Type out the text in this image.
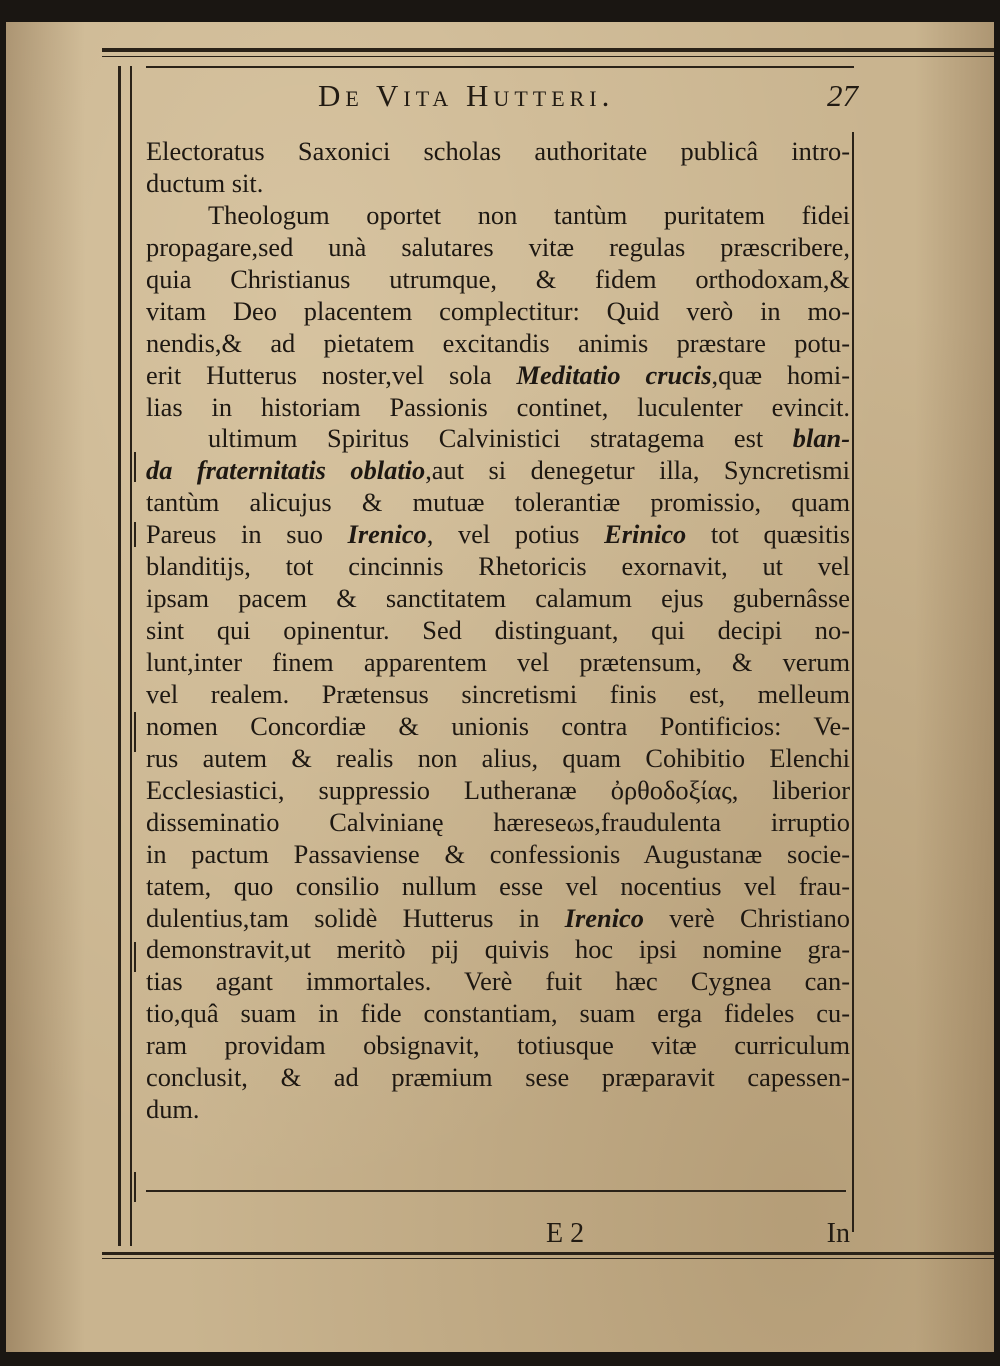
De Vita Hutteri.	27
Electoratus Saxonici scholas authoritate publicâ intro-
ductum sit.
Theologum oportet non tantùm puritatem fidei
propagare,sed unà salutares vitæ regulas præscribere,
quia Christianus utrumque, & fidem orthodoxam,&
vitam Deo placentem complectitur: Quid verò in mo-
nendis,& ad pietatem excitandis animis præstare potu-
erit Hutterus noster,vel sola Meditatio crucis,quæ homi-
lias in historiam Passionis continet, luculenter evincit.
ultimum Spiritus Calvinistici stratagema est blan-
da fraternitatis oblatio,aut si denegetur illa, Syncretismi
tantùm alicujus & mutuæ tolerantiæ promissio, quam
Pareus in suo Irenico, vel potius Erinico tot quæsitis
blanditijs, tot cincinnis Rhetoricis exornavit, ut vel
ipsam pacem & sanctitatem calamum ejus gubernâsse
sint qui opinentur. Sed distinguant, qui decipi no-
lunt,inter finem apparentem vel prætensum, & verum
vel realem. Prætensus sincretismi finis est, melleum
nomen Concordiæ & unionis contra Pontificios: Ve-
rus autem & realis non alius, quam Cohibitio Elenchi
Ecclesiastici, suppressio Lutheranæ ὀρθοδοξίας, liberior
disseminatio Calvinianę hæreseωs,fraudulenta irruptio
in pactum Passaviense & confessionis Augustanæ socie-
tatem, quo consilio nullum esse vel nocentius vel frau-
dulentius,tam solidè Hutterus in Irenico verè Christiano
demonstravit,ut meritò pij quivis hoc ipsi nomine gra-
tias agant immortales. Verè fuit hæc Cygnea can-
tio,quâ suam in fide constantiam, suam erga fideles cu-
ram providam obsignavit, totiusque vitæ curriculum
conclusit, & ad præmium sese præparavit capessen-
dum.
E 2	In
